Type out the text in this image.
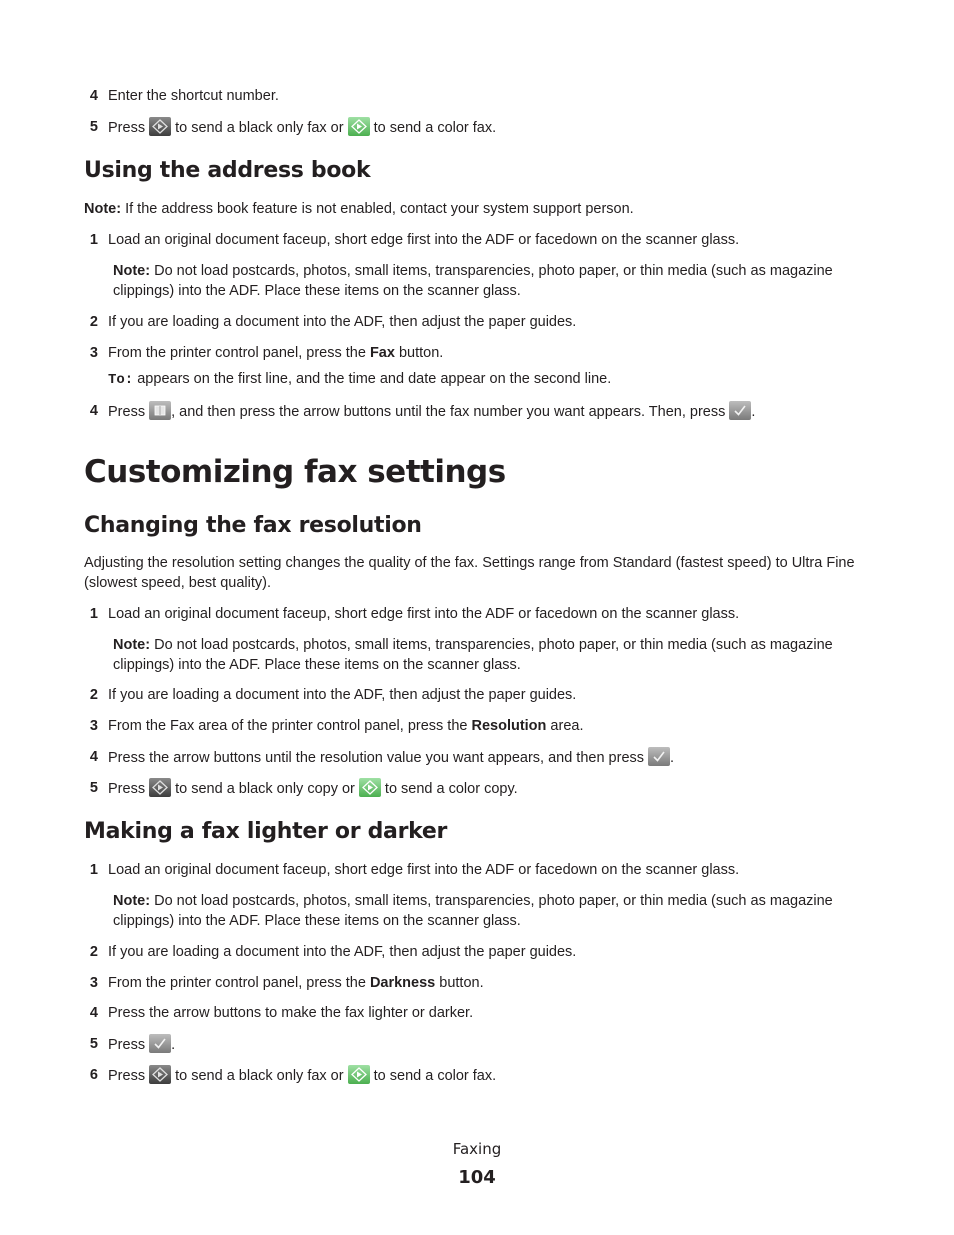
4 Enter the shortcut number.
5 Press
to send a black only fax or
to send a color fax.
Using the address book
Note: If the address book feature is not enabled, contact your system support person.
1 Load an original document faceup, short edge first into the ADF or facedown on the scanner glass.
Note: Do not load postcards, photos, small items, transparencies, photo paper, or thin media (such as magazine clippings) into the ADF. Place these items on the scanner glass.
2 If you are loading a document into the ADF, then adjust the paper guides.
3 From the printer control panel, press the Fax button.
To: appears on the first line, and the time and date appear on the second line.
4 Press
, and then press the arrow buttons until the fax number you want appears. Then, press
.
Customizing fax settings
Changing the fax resolution
Adjusting the resolution setting changes the quality of the fax. Settings range from Standard (fastest speed) to Ultra Fine (slowest speed, best quality).
1 Load an original document faceup, short edge first into the ADF or facedown on the scanner glass.
Note: Do not load postcards, photos, small items, transparencies, photo paper, or thin media (such as magazine clippings) into the ADF. Place these items on the scanner glass.
2 If you are loading a document into the ADF, then adjust the paper guides.
3 From the Fax area of the printer control panel, press the Resolution area.
4 Press the arrow buttons until the resolution value you want appears, and then press
.
5 Press
to send a black only copy or
to send a color copy.
Making a fax lighter or darker
1 Load an original document faceup, short edge first into the ADF or facedown on the scanner glass.
Note: Do not load postcards, photos, small items, transparencies, photo paper, or thin media (such as magazine clippings) into the ADF. Place these items on the scanner glass.
2 If you are loading a document into the ADF, then adjust the paper guides.
3 From the printer control panel, press the Darkness button.
4 Press the arrow buttons to make the fax lighter or darker.
5 Press
.
6 Press
to send a black only fax or
to send a color fax.
Faxing
104
